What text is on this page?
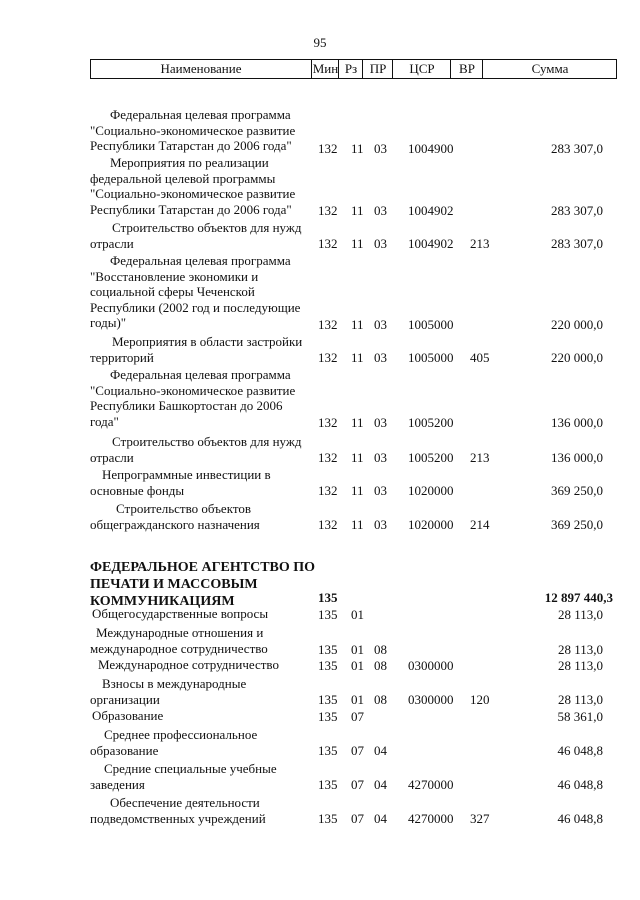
95
Наименование	Мин Рз ПР	ЦСР	ВР	Сумма
Федеральная целевая программа "Социально-экономическое развитие Республики Татарстан до 2006 года"	132 11 03 1004900	283 307,0
Мероприятия по реализации федеральной целевой программы "Социально-экономическое развитие Республики Татарстан до 2006 года"	132 11 03 1004902	283 307,0
Строительство объектов для нужд отрасли	132 11 03 1004902 213	283 307,0
Федеральная целевая программа "Восстановление экономики и социальной сферы Чеченской Республики (2002 год и последующие годы)"	132 11 03 1005000	220 000,0
Мероприятия в области застройки территорий	132 11 03 1005000 405	220 000,0
Федеральная целевая программа "Социально-экономическое развитие Республики Башкортостан до 2006 года"	132 11 03 1005200	136 000,0
Строительство объектов для нужд отрасли	132 11 03 1005200 213	136 000,0
Непрограммные инвестиции в основные фонды	132 11 03 1020000	369 250,0
Строительство объектов общегражданского назначения	132 11 03 1020000 214	369 250,0
ФЕДЕРАЛЬНОЕ АГЕНТСТВО ПО ПЕЧАТИ И МАССОВЫМ КОММУНИКАЦИЯМ	135	12 897 440,3
Общегосударственные вопросы	135 01	28 113,0
Международные отношения и международное сотрудничество	135 01 08	28 113,0
Международное сотрудничество	135 01 08 0300000	28 113,0
Взносы в международные организации	135 01 08 0300000 120	28 113,0
Образование	135 07	58 361,0
Среднее профессиональное образование	135 07 04	46 048,8
Средние специальные учебные заведения	135 07 04 4270000	46 048,8
Обеспечение деятельности подведомственных учреждений	135 07 04 4270000 327	46 048,8
